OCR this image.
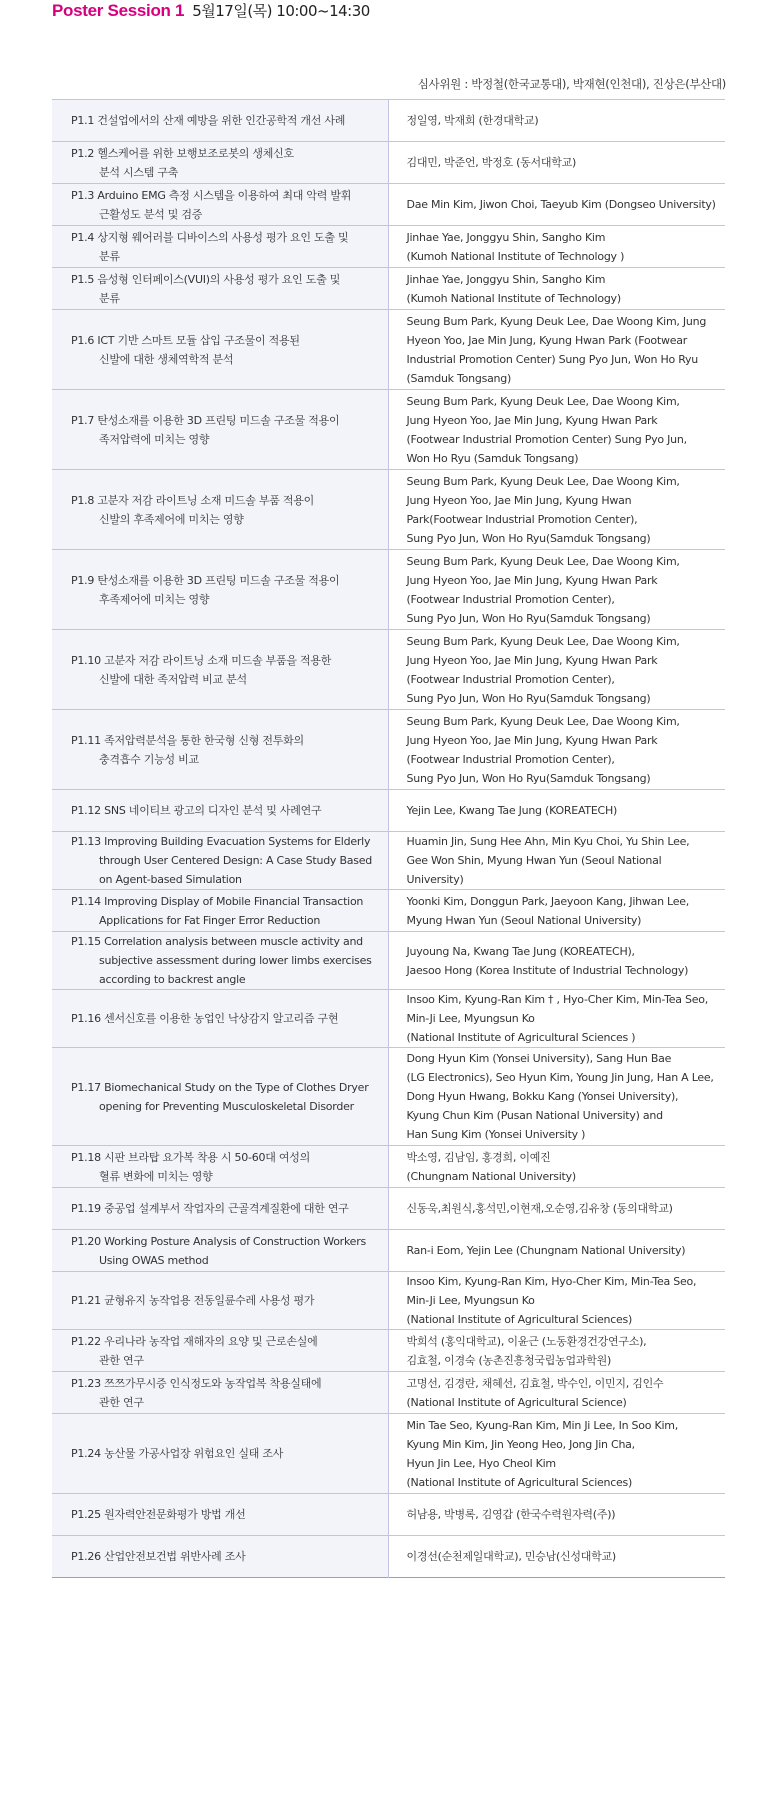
Poster Session 1 5월17일(목) 10:00~14:30
심사위원 : 박정철(한국교통대), 박재현(인천대), 진상은(부산대)
P1.1 건설업에서의 산재 예방을 위한 인간공학적 개선 사례	정일영, 박재희 (한경대학교)

P1.2 헬스케어를 위한 보행보조로봇의 생체신호
분석 시스템 구축	김대민, 박준언, 박정호 (동서대학교)

P1.3 Arduino EMG 측정 시스템을 이용하여 최대 악력 발휘
근활성도 분석 및 검증	Dae Min Kim, Jiwon Choi, Taeyub Kim (Dongseo University)

P1.4 상지형 웨어러블 디바이스의 사용성 평가 요인 도출 및
분류	Jinhae Yae, Jonggyu Shin, Sangho Kim
(Kumoh National Institute of Technology )

P1.5 음성형 인터페이스(VUI)의 사용성 평가 요인 도출 및
분류	Jinhae Yae, Jonggyu Shin, Sangho Kim
(Kumoh National Institute of Technology)

P1.6 ICT 기반 스마트 모듈 삽입 구조물이 적용된
신발에 대한 생체역학적 분석	Seung Bum Park, Kyung Deuk Lee, Dae Woong Kim, Jung
Hyeon Yoo, Jae Min Jung, Kyung Hwan Park (Footwear
Industrial Promotion Center) Sung Pyo Jun, Won Ho Ryu
(Samduk Tongsang)

P1.7 탄성소재를 이용한 3D 프린팅 미드솔 구조물 적용이
족저압력에 미치는 영향	Seung Bum Park, Kyung Deuk Lee, Dae Woong Kim,
Jung Hyeon Yoo, Jae Min Jung, Kyung Hwan Park
(Footwear Industrial Promotion Center) Sung Pyo Jun,
Won Ho Ryu (Samduk Tongsang)

P1.8 고분자 저감 라이트닝 소재 미드솔 부품 적용이
신발의 후족제어에 미치는 영향	Seung Bum Park, Kyung Deuk Lee, Dae Woong Kim,
Jung Hyeon Yoo, Jae Min Jung, Kyung Hwan
Park(Footwear Industrial Promotion Center),
Sung Pyo Jun, Won Ho Ryu(Samduk Tongsang)

P1.9 탄성소재를 이용한 3D 프린팅 미드솔 구조물 적용이
후족제어에 미치는 영향	Seung Bum Park, Kyung Deuk Lee, Dae Woong Kim,
Jung Hyeon Yoo, Jae Min Jung, Kyung Hwan Park
(Footwear Industrial Promotion Center),
Sung Pyo Jun, Won Ho Ryu(Samduk Tongsang)

P1.10 고분자 저감 라이트닝 소재 미드솔 부품을 적용한
신발에 대한 족저압력 비교 분석	Seung Bum Park, Kyung Deuk Lee, Dae Woong Kim,
Jung Hyeon Yoo, Jae Min Jung, Kyung Hwan Park
(Footwear Industrial Promotion Center),
Sung Pyo Jun, Won Ho Ryu(Samduk Tongsang)

P1.11 족저압력분석을 통한 한국형 신형 전투화의
충격흡수 기능성 비교	Seung Bum Park, Kyung Deuk Lee, Dae Woong Kim,
Jung Hyeon Yoo, Jae Min Jung, Kyung Hwan Park
(Footwear Industrial Promotion Center),
Sung Pyo Jun, Won Ho Ryu(Samduk Tongsang)

P1.12 SNS 네이티브 광고의 디자인 분석 및 사례연구	Yejin Lee, Kwang Tae Jung (KOREATECH)

P1.13 Improving Building Evacuation Systems for Elderly
through User Centered Design: A Case Study Based
on Agent-based Simulation	Huamin Jin, Sung Hee Ahn, Min Kyu Choi, Yu Shin Lee,
Gee Won Shin, Myung Hwan Yun (Seoul National University)

P1.14 Improving Display of Mobile Financial Transaction
Applications for Fat Finger Error Reduction	Yoonki Kim, Donggun Park, Jaeyoon Kang, Jihwan Lee,
Myung Hwan Yun (Seoul National University)

P1.15 Correlation analysis between muscle activity and
subjective assessment during lower limbs exercises
according to backrest angle	Juyoung Na, Kwang Tae Jung (KOREATECH),
Jaesoo Hong (Korea Institute of Industrial Technology)

P1.16 센서신호를 이용한 농업인 낙상감지 알고리즘 구현	Insoo Kim, Kyung-Ran Kim † , Hyo-Cher Kim, Min-Tea Seo,
Min-Ji Lee, Myungsun Ko
(National Institute of Agricultural Sciences )

P1.17 Biomechanical Study on the Type of Clothes Dryer
opening for Preventing Musculoskeletal Disorder	Dong Hyun Kim (Yonsei University), Sang Hun Bae
(LG Electronics), Seo Hyun Kim, Young Jin Jung, Han A Lee,
Dong Hyun Hwang, Bokku Kang (Yonsei University),
Kyung Chun Kim (Pusan National University) and
Han Sung Kim (Yonsei University )

P1.18 시판 브라탑 요가복 착용 시 50-60대 여성의
혈류 변화에 미치는 영향	박소영, 김남임, 홍경희, 이예진
(Chungnam National University)

P1.19 중공업 설계부서 작업자의 근골격계질환에 대한 연구	신동욱,최원식,홍석민,이현재,오순영,김유창 (동의대학교)

P1.20 Working Posture Analysis of Construction Workers
Using OWAS method	Ran-i Eom, Yejin Lee (Chungnam National University)

P1.21 균형유지 농작업용 전동일륜수레 사용성 평가	Insoo Kim, Kyung-Ran Kim, Hyo-Cher Kim, Min-Tea Seo,
Min-Ji Lee, Myungsun Ko
(National Institute of Agricultural Sciences)

P1.22 우리나라 농작업 재해자의 요양 및 근로손실에
관한 연구	박희석 (홍익대학교), 이윤근 (노동환경건강연구소),
김효철, 이경숙 (농촌진흥청국립농업과학원)

P1.23 쯔쯔가무시증 인식정도와 농작업복 착용실태에
관한 연구	고명선, 김경란, 채혜선, 김효철, 박수인, 이민지, 김인수
(National Institute of Agricultural Science)

P1.24 농산물 가공사업장 위험요인 실태 조사	Min Tae Seo, Kyung-Ran Kim, Min Ji Lee, In Soo Kim,
Kyung Min Kim, Jin Yeong Heo, Jong Jin Cha,
Hyun Jin Lee, Hyo Cheol Kim
(National Institute of Agricultural Sciences)

P1.25 원자력안전문화평가 방법 개선	허남용, 박병록, 김영갑 (한국수력원자력(주))

P1.26 산업안전보건법 위반사례 조사	이경선(순천제일대학교), 민승남(신성대학교)
